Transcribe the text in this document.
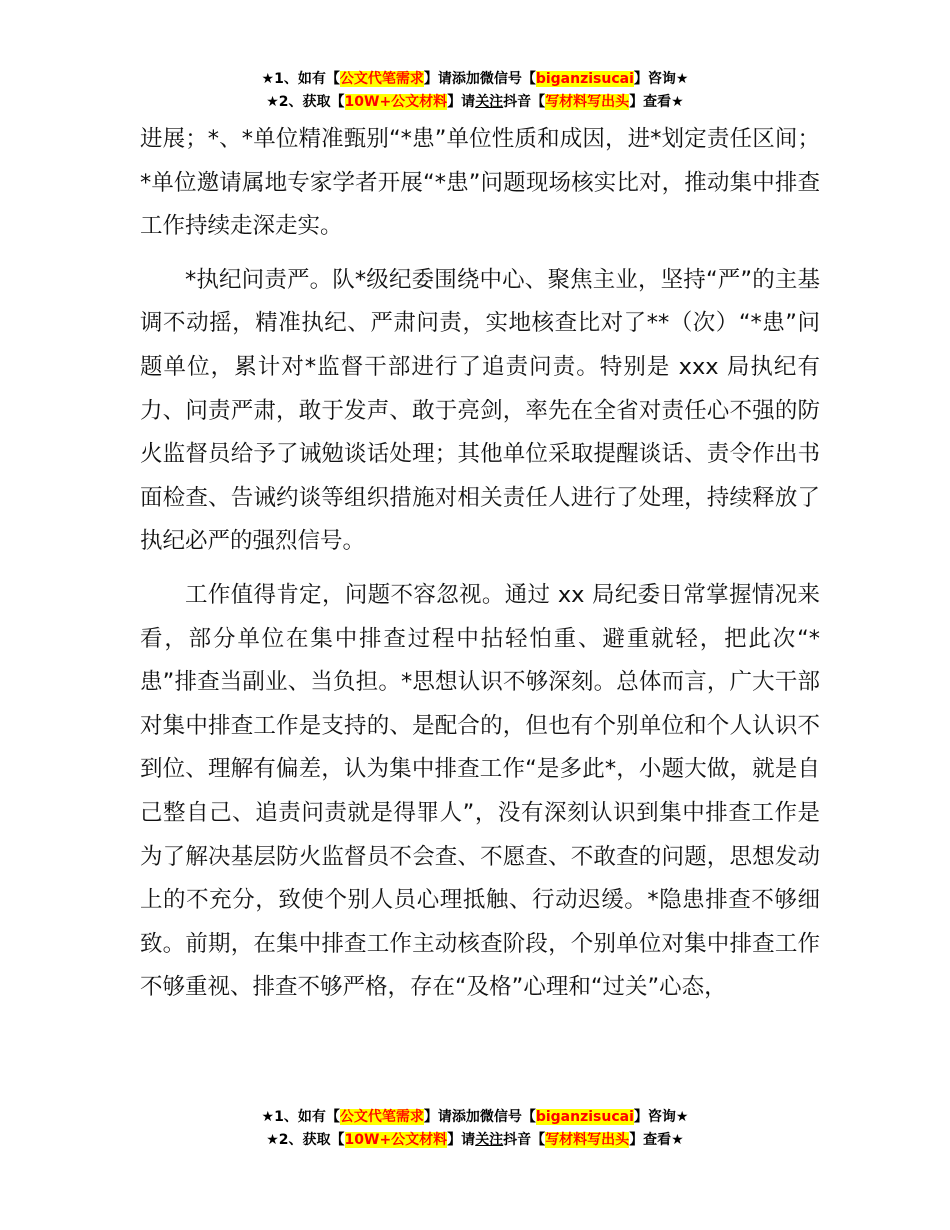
★1、如有【公文代笔需求】请添加微信号【biganzisucai】咨询★
★2、获取【10W+公文材料】请关注抖音【写材料写出头】查看★

进展；*、*单位精准甄别“*患”单位性质和成因，进*划定责任区间；*单位邀请属地专家学者开展“*患”问题现场核实比对，推动集中排查工作持续走深走实。

*执纪问责严。队*级纪委围绕中心、聚焦主业，坚持“严”的主基调不动摇，精准执纪、严肃问责，实地核查比对了**（次）“*患”问题单位，累计对*监督干部进行了追责问责。特别是 xxx 局执纪有力、问责严肃，敢于发声、敢于亮剑，率先在全省对责任心不强的防火监督员给予了诫勉谈话处理；其他单位采取提醒谈话、责令作出书面检查、告诫约谈等组织措施对相关责任人进行了处理，持续释放了执纪必严的强烈信号。

工作值得肯定，问题不容忽视。通过 xx 局纪委日常掌握情况来看，部分单位在集中排查过程中拈轻怕重、避重就轻，把此次“*患”排查当副业、当负担。*思想认识不够深刻。总体而言，广大干部对集中排查工作是支持的、是配合的，但也有个别单位和个人认识不到位、理解有偏差，认为集中排查工作“是多此*，小题大做，就是自己整自己、追责问责就是得罪人”，没有深刻认识到集中排查工作是为了解决基层防火监督员不会查、不愿查、不敢查的问题，思想发动上的不充分，致使个别人员心理抵触、行动迟缓。*隐患排查不够细致。前期，在集中排查工作主动核查阶段，个别单位对集中排查工作不够重视、排查不够严格，存在“及格”心理和“过关”心态，

★1、如有【公文代笔需求】请添加微信号【biganzisucai】咨询★
★2、获取【10W+公文材料】请关注抖音【写材料写出头】查看★
